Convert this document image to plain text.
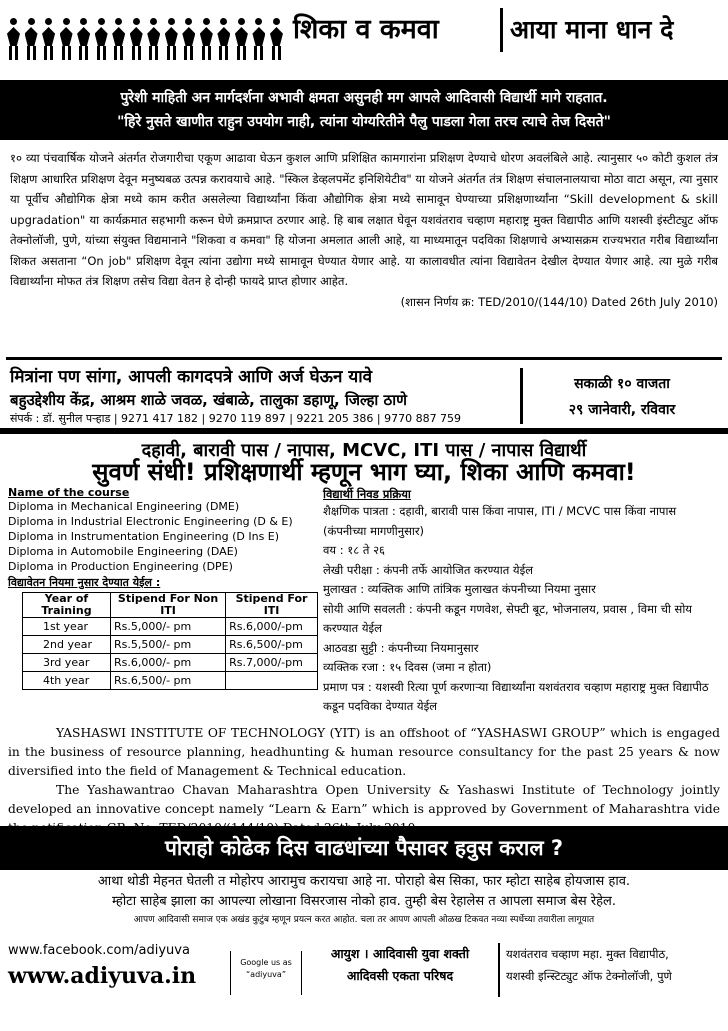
शिका व कमवा	आया माना धान दे
पुरेशी माहिती अन मार्गदर्शना अभावी क्षमता असुनही मग आपले आदिवासी विद्यार्थी मागे राहतात.
"हिरे नुसते खाणीत राहुन उपयोग नाही, त्यांना योग्यरितीने पैलु पाडला गेला तरच त्याचे तेज दिसते"
१० व्या पंचवार्षिक योजने अंतर्गत रोजगारीचा एकूण आढावा घेऊन कुशल आणि प्रशिक्षित कामगारांना प्रशिक्षण देण्याचे धोरण अवलंबिले आहे. त्यानुसार ५० कोटी कुशल तंत्र शिक्षण आधारित प्रशिक्षण देवून मनुष्यबळ उत्पन्न करावयाचे आहे. "स्किल डेव्हलपमेंट इनिशियेटीव" या योजने अंतर्गत तंत्र शिक्षण संचालनालयाचा मोठा वाटा असून, त्या नुसार या पूर्वीच औद्योगिक क्षेत्रा मध्ये काम करीत असलेल्या विद्यार्थ्यांना किंवा औद्योगिक क्षेत्रा मध्ये सामावून घेण्याच्या प्रशिक्षणार्थ्यांना “Skill development & skill upgradation" या कार्यक्रमात सहभागी करून घेणे क्रमप्राप्त ठरणार आहे. हि बाब लक्षात घेवून यशवंतराव चव्हाण महाराष्ट्र मुक्त विद्यापीठ आणि यशस्वी इंस्टीट्युट ऑफ तेक्नोलॉजी, पुणे, यांच्या संयुक्त विद्यमानाने "शिकवा व कमवा" हि योजना अमलात आली आहे, या माध्यमातून पदविका शिक्षणाचे अभ्यासक्रम राज्यभरात गरीब विद्यार्थ्यांना शिकत असताना “On job" प्रशिक्षण देवून त्यांना उद्योगा मध्ये सामावून घेण्यात येणार आहे. या कालावधीत त्यांना विद्यावेतन देखील देण्यात येणार आहे. त्या मुळे गरीब विद्यार्थ्यांना मोफत तंत्र शिक्षण तसेच विद्या वेतन हे दोन्ही फायदे प्राप्त होणार आहेत.
(शासन निर्णय क्र: TED/2010/(144/10) Dated 26th July 2010)
मित्रांना पण सांगा, आपली कागदपत्रे आणि अर्ज घेऊन यावे
बहुउद्देशीय केंद्र, आश्रम शाळे जवळ, खंबाळे, तालुका डहाणू, जिल्हा ठाणे
संपर्क : डॉ. सुनील पऱ्हाड | 9271 417 182 | 9270 119 897 | 9221 205 386 | 9770 887 759
सकाळी १० वाजता
२९ जानेवारी, रविवार
दहावी, बारावी पास / नापास, MCVC, ITI पास / नापास विद्यार्थी
सुवर्ण संधी! प्रशिक्षणार्थी म्हणून भाग घ्या, शिका आणि कमवा!
Name of the course
Diploma in Mechanical Engineering (DME)
Diploma in Industrial Electronic Engineering (D & E)
Diploma in Instrumentation Engineering (D Ins E)
Diploma in Automobile Engineering (DAE)
Diploma in Production Engineering (DPE)
विद्यावेतन नियमा नुसार देण्यात येईल :
Year of Training	Stipend For Non ITI	Stipend For ITI
1st year	Rs.5,000/- pm	Rs.6,000/-pm
2nd year	Rs.5,500/- pm	Rs.6,500/-pm
3rd year	Rs.6,000/- pm	Rs.7,000/-pm
4th year	Rs.6,500/- pm	
विद्यार्थी निवड प्रक्रिया
शैक्षणिक पात्रता : दहावी, बारावी पास किंवा नापास, ITI / MCVC पास किंवा नापास (कंपनीच्या मागणीनुसार)
वय : १८ ते २६
लेखी परीक्षा : कंपनी तर्फे आयोजित करण्यात येईल
मुलाखत : व्यक्तिक आणि तांत्रिक मुलाखत कंपनीच्या नियमा नुसार
सोयी आणि सवलती : कंपनी कडून गणवेश, सेफ्टी बूट, भोजनालय, प्रवास , विमा ची सोय करण्यात येईल
आठवडा सुट्टी : कंपनीच्या नियमानुसार
व्यक्तिक रजा : १५ दिवस (जमा न होता)
प्रमाण पत्र : यशस्वी रित्या पूर्ण करणाऱ्या विद्यार्थ्यांना यशवंतराव चव्हाण महाराष्ट्र मुक्त विद्यापीठ कडून पदविका देण्यात येईल

YASHASWI INSTITUTE OF TECHNOLOGY (YIT) is an offshoot of “YASHASWI GROUP” which is engaged in the business of resource planning, headhunting & human resource consultancy for the past 25 years & now diversified into the field of Management & Technical education.

The Yashawantrao Chavan Maharashtra Open University & Yashaswi Institute of Technology jointly developed an innovative concept namely “Learn & Earn” which is approved by Government of Maharashtra vide

पोराहो कोढेक दिस वाढधांच्या पैसावर हवुस कराल ?
आथा थोडी मेहनत घेतली त मोहोरप आरामुच करायचा आहे ना. पोराहो बेस सिका, फार म्होटा साहेब होयजास हाव.
म्होटा साहेब झाला का आपल्या लोखाना विसरजास नोको हाव. तुम्ही बेस रेहालेस त आपला समाज बेस रेहेल.
आपण आदिवासी समाज एक अखंड कुटुंब म्हणून प्रयत्न करत आहोत. चला तर आपण आपली ओळख टिकवत नव्या स्पर्धेच्या तयारीला लागूयात
www.facebook.com/adiyuva
www.adiyuva.in
Google us as
“adiyuva”
आयुश । आदिवासी युवा शक्ती
आदिवसी एकता परिषद
यशवंतराव चव्हाण महा. मुक्त विद्यापीठ,
यशस्वी इन्स्टिट्युट ऑफ टेक्नोलॉजी, पुणे
